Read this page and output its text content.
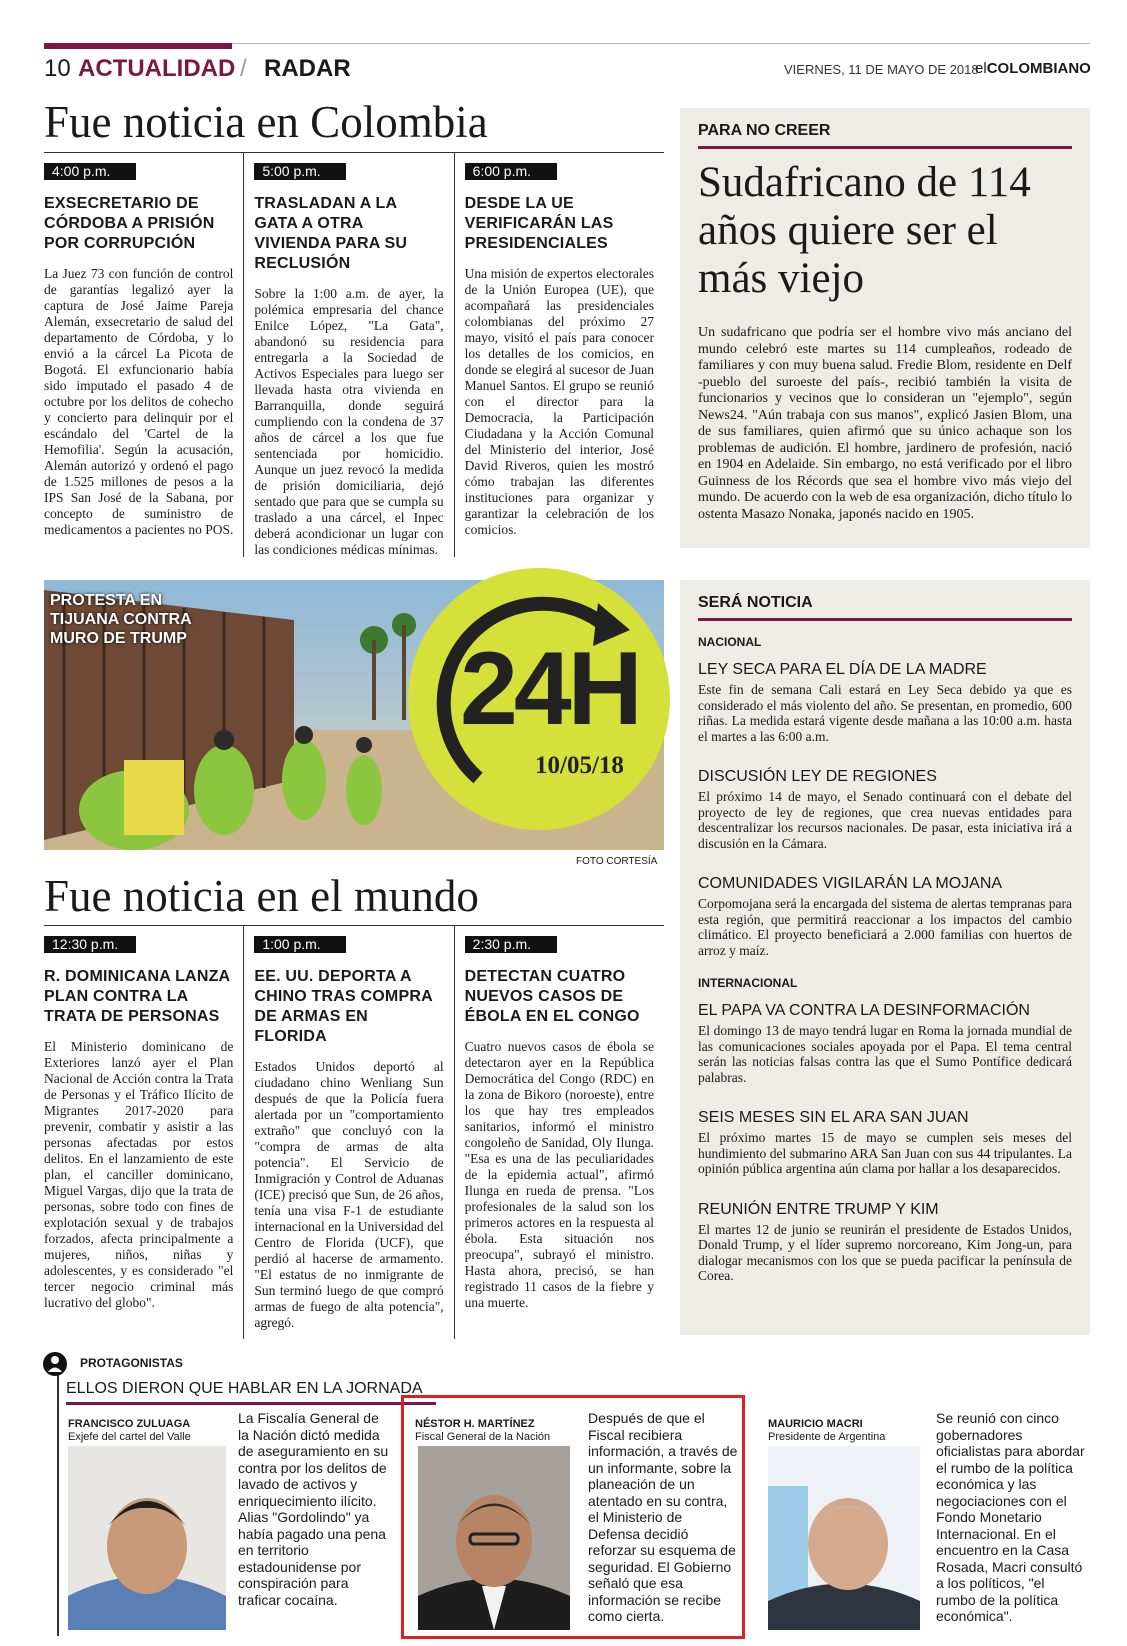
10 ACTUALIDAD / RADAR	VIERNES, 11 DE MAYO DE 2018
elCOLOMBIANO
Fue noticia en Colombia
4:00 p.m.
EXSECRETARIO DE CÓRDOBA A PRISIÓN POR CORRUPCIÓN

La Juez 73 con función de control de garantías legalizó ayer la captura de José Jaime Pareja Alemán, exsecretario de salud del departamento de Córdoba, y lo envió a la cárcel La Picota de Bogotá. El exfuncionario había sido imputado el pasado 4 de octubre por los delitos de cohecho y concierto para delinquir por el escándalo del 'Cartel de la Hemofilia'. Según la acusación, Alemán autorizó y ordenó el pago de 1.525 millones de pesos a la IPS San José de la Sabana, por concepto de suministro de medicamentos a pacientes no POS.

5:00 p.m.
TRASLADAN A LA GATA A OTRA VIVIENDA PARA SU RECLUSIÓN

Sobre la 1:00 a.m. de ayer, la polémica empresaria del chance Enilce López, "La Gata", abandonó su residencia para entregarla a la Sociedad de Activos Especiales para luego ser llevada hasta otra vivienda en Barranquilla, donde seguirá cumpliendo con la condena de 37 años de cárcel a los que fue sentenciada por homicidio. Aunque un juez revocó la medida de prisión domiciliaria, dejó sentado que para que se cumpla su traslado a una cárcel, el Inpec deberá acondicionar un lugar con las condiciones médicas mínimas.

6:00 p.m.
DESDE LA UE VERIFICARÁN LAS PRESIDENCIALES

Una misión de expertos electorales de la Unión Europea (UE), que acompañará las presidenciales colombianas del próximo 27 mayo, visitó el país para conocer los detalles de los comicios, en donde se elegirá al sucesor de Juan Manuel Santos. El grupo se reunió con el director para la Democracia, la Participación Ciudadana y la Acción Comunal del Ministerio del interior, José David Riveros, quien les mostró cómo trabajan las diferentes instituciones para organizar y garantizar la celebración de los comicios.

PARA NO CREER
Sudafricano de 114 años quiere ser el más viejo

Un sudafricano que podría ser el hombre vivo más anciano del mundo celebró este martes su 114 cumpleaños, rodeado de familiares y con muy buena salud. Fredie Blom, residente en Delf -pueblo del suroeste del país-, recibió también la visita de funcionarios y vecinos que lo consideran un "ejemplo", según News24. "Aún trabaja con sus manos", explicó Jasien Blom, una de sus familiares, quien afirmó que su único achaque son los problemas de audición. El hombre, jardinero de profesión, nació en 1904 en Adelaide. Sin embargo, no está verificado por el libro Guinness de los Récords que sea el hombre vivo más viejo del mundo. De acuerdo con la web de esa organización, dicho título lo ostenta Masazo Nonaka, japonés nacido en 1905.

PROTESTA EN
TIJUANA CONTRA
MURO DE TRUMP	24H
10/05/18
FOTO CORTESÍA
SERÁ NOTICIA
NACIONAL
LEY SECA PARA EL DÍA DE LA MADRE

Este fin de semana Cali estará en Ley Seca debido ya que es considerado el más violento del año. Se presentan, en promedio, 600 riñas. La medida estará vigente desde mañana a las 10:00 a.m. hasta el martes a las 6:00 a.m.

DISCUSIÓN LEY DE REGIONES

El próximo 14 de mayo, el Senado continuará con el debate del proyecto de ley de regiones, que crea nuevas entidades para descentralizar los recursos nacionales. De pasar, esta iniciativa irá a discusión en la Cámara.

COMUNIDADES VIGILARÁN LA MOJANA

Corpomojana será la encargada del sistema de alertas tempranas para esta región, que permitirá reaccionar a los impactos del cambio climático. El proyecto beneficiará a 2.000 familias con huertos de arroz y maíz.

INTERNACIONAL
EL PAPA VA CONTRA LA DESINFORMACIÓN

El domingo 13 de mayo tendrá lugar en Roma la jornada mundial de las comunicaciones sociales apoyada por el Papa. El tema central serán las noticias falsas contra las que el Sumo Pontífice dedicará palabras.

SEIS MESES SIN EL ARA SAN JUAN

El próximo martes 15 de mayo se cumplen seis meses del hundimiento del submarino ARA San Juan con sus 44 tripulantes. La opinión pública argentina aún clama por hallar a los desaparecidos.

REUNIÓN ENTRE TRUMP Y KIM

El martes 12 de junio se reunirán el presidente de Estados Unidos, Donald Trump, y el líder supremo norcoreano, Kim Jong-un, para dialogar mecanismos con los que se pueda pacificar la península de Corea.

Fue noticia en el mundo
12:30 p.m.
R. DOMINICANA LANZA PLAN CONTRA LA TRATA DE PERSONAS

El Ministerio dominicano de Exteriores lanzó ayer el Plan Nacional de Acción contra la Trata de Personas y el Tráfico Ilícito de Migrantes 2017-2020 para prevenir, combatir y asistir a las personas afectadas por estos delitos. En el lanzamiento de este plan, el canciller dominicano, Miguel Vargas, dijo que la trata de personas, sobre todo con fines de explotación sexual y de trabajos forzados, afecta principalmente a mujeres, niños, niñas y adolescentes, y es considerado "el tercer negocio criminal más lucrativo del globo".

1:00 p.m.
EE. UU. DEPORTA A CHINO TRAS COMPRA DE ARMAS EN FLORIDA

Estados Unidos deportó al ciudadano chino Wenliang Sun después de que la Policía fuera alertada por un "comportamiento extraño" que concluyó con la "compra de armas de alta potencia". El Servicio de Inmigración y Control de Aduanas (ICE) precisó que Sun, de 26 años, tenía una visa F-1 de estudiante internacional en la Universidad del Centro de Florida (UCF), que perdió al hacerse de armamento. "El estatus de no inmigrante de Sun terminó luego de que compró armas de fuego de alta potencia", agregó.

2:30 p.m.
DETECTAN CUATRO NUEVOS CASOS DE ÉBOLA EN EL CONGO

Cuatro nuevos casos de ébola se detectaron ayer en la República Democrática del Congo (RDC) en la zona de Bikoro (noroeste), entre los que hay tres empleados sanitarios, informó el ministro congoleño de Sanidad, Oly Ilunga. "Esa es una de las peculiaridades de la epidemia actual", afirmó Ilunga en rueda de prensa. "Los profesionales de la salud son los primeros actores en la respuesta al ébola. Esta situación nos preocupa", subrayó el ministro. Hasta ahora, precisó, se han registrado 11 casos de la fiebre y una muerte.

PROTAGONISTAS
ELLOS DIERON QUE HABLAR EN LA JORNADA
FRANCISCO ZULUAGA
Exjefe del cartel del Valle

La Fiscalía General de la Nación dictó medida de aseguramiento en su contra por los delitos de lavado de activos y enriquecimiento ilícito. Alias "Gordolindo" ya había pagado una pena en territorio estadounidense por conspiración para traficar cocaína.

NÉSTOR H. MARTÍNEZ
Fiscal General de la Nación

Después de que el Fiscal recibiera información, a través de un informante, sobre la planeación de un atentado en su contra, el Ministerio de Defensa decidió reforzar su esquema de seguridad. El Gobierno señaló que esa información se recibe como cierta.

MAURICIO MACRI
Presidente de Argentina

Se reunió con cinco gobernadores oficialistas para abordar el rumbo de la política económica y las negociaciones con el Fondo Monetario Internacional. En el encuentro en la Casa Rosada, Macri consultó a los políticos, "el rumbo de la política económica".
